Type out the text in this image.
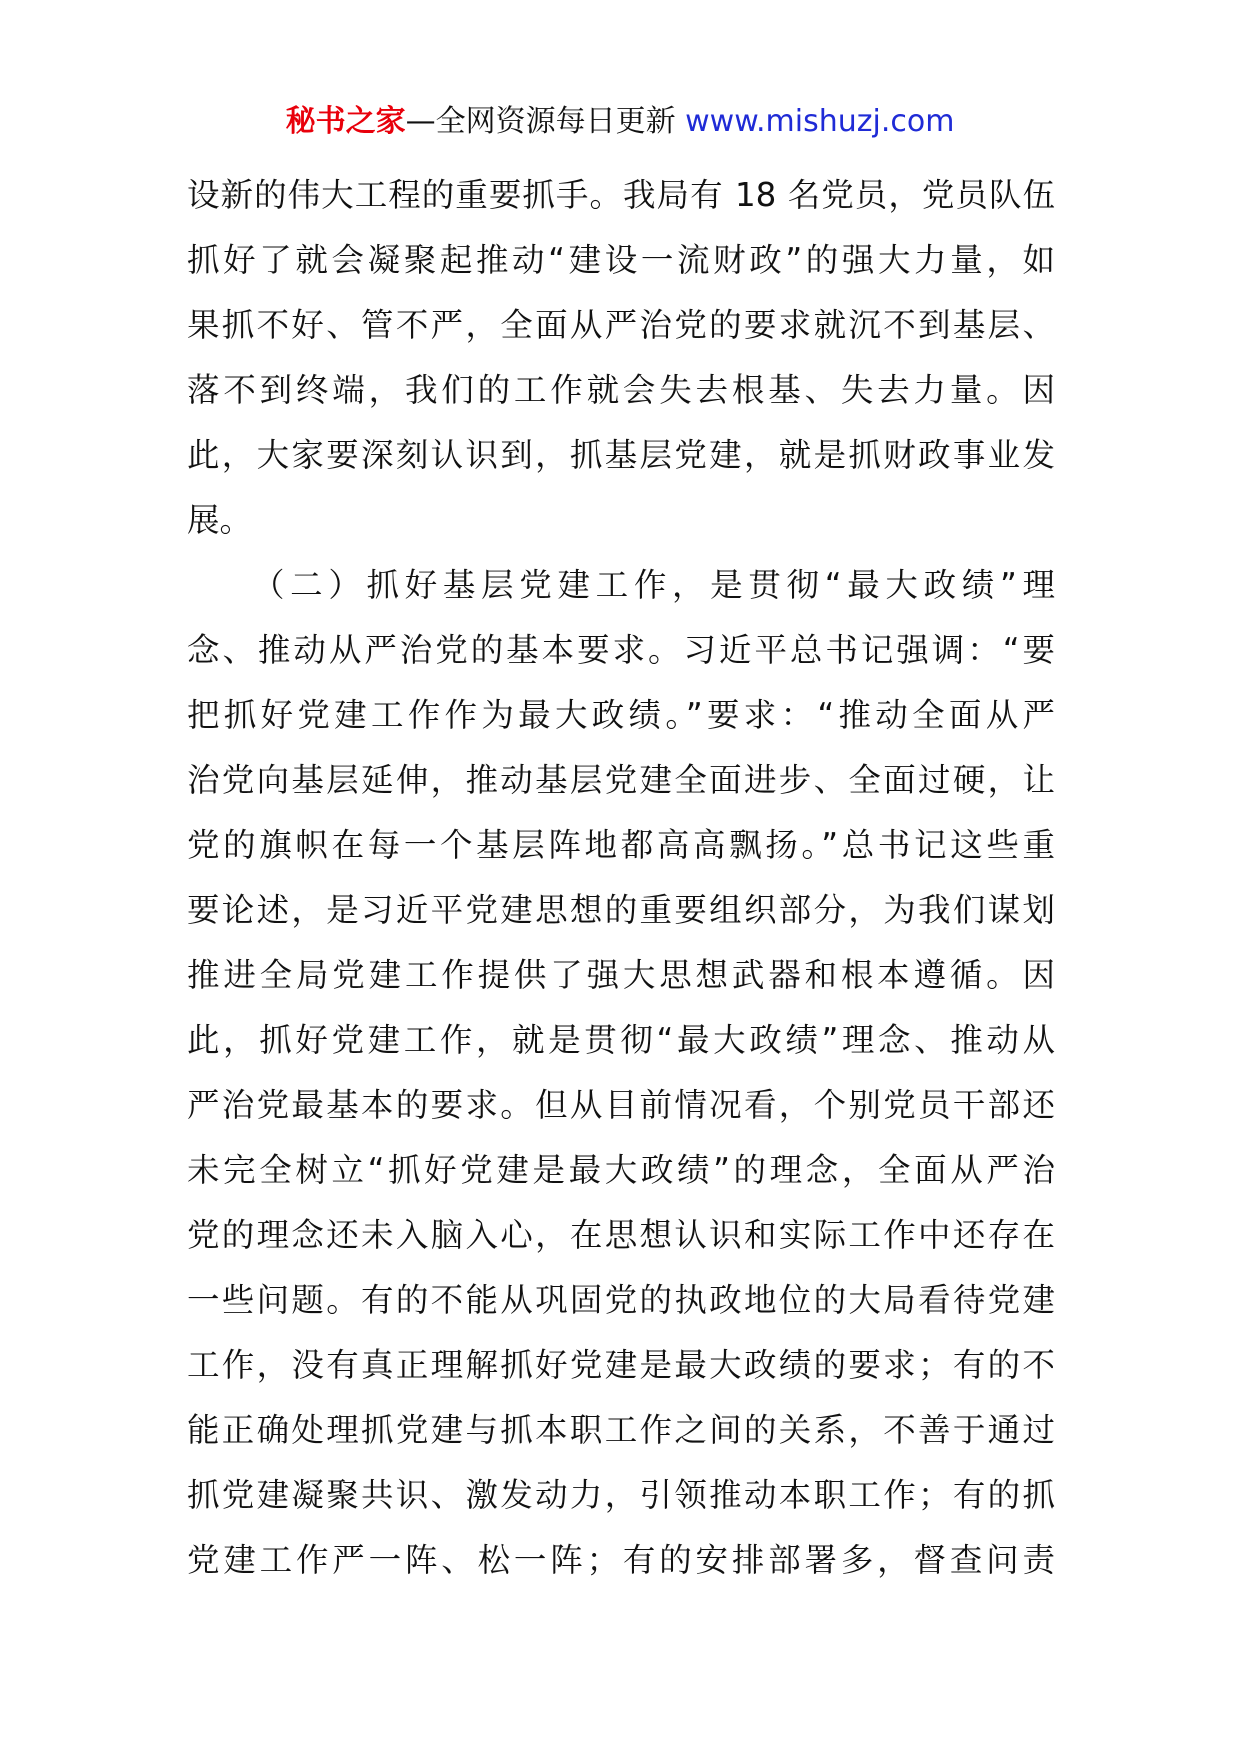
秘书之家—全网资源每日更新 www.mishuzj.com
设新的伟大工程的重要抓手。我局有 18 名党员，党员队伍
抓好了就会凝聚起推动“建设一流财政”的强大力量，如
果抓不好、管不严，全面从严治党的要求就沉不到基层、
落不到终端，我们的工作就会失去根基、失去力量。因
此，大家要深刻认识到，抓基层党建，就是抓财政事业发
展。
（二）抓好基层党建工作，是贯彻“最大政绩”理
念、推动从严治党的基本要求。习近平总书记强调：“要
把抓好党建工作作为最大政绩。”要求：“推动全面从严
治党向基层延伸，推动基层党建全面进步、全面过硬，让
党的旗帜在每一个基层阵地都高高飘扬。”总书记这些重
要论述，是习近平党建思想的重要组织部分，为我们谋划
推进全局党建工作提供了强大思想武器和根本遵循。因
此，抓好党建工作，就是贯彻“最大政绩”理念、推动从
严治党最基本的要求。但从目前情况看，个别党员干部还
未完全树立“抓好党建是最大政绩”的理念，全面从严治
党的理念还未入脑入心，在思想认识和实际工作中还存在
一些问题。有的不能从巩固党的执政地位的大局看待党建
工作，没有真正理解抓好党建是最大政绩的要求；有的不
能正确处理抓党建与抓本职工作之间的关系，不善于通过
抓党建凝聚共识、激发动力，引领推动本职工作；有的抓
党建工作严一阵、松一阵；有的安排部署多，督查问责
